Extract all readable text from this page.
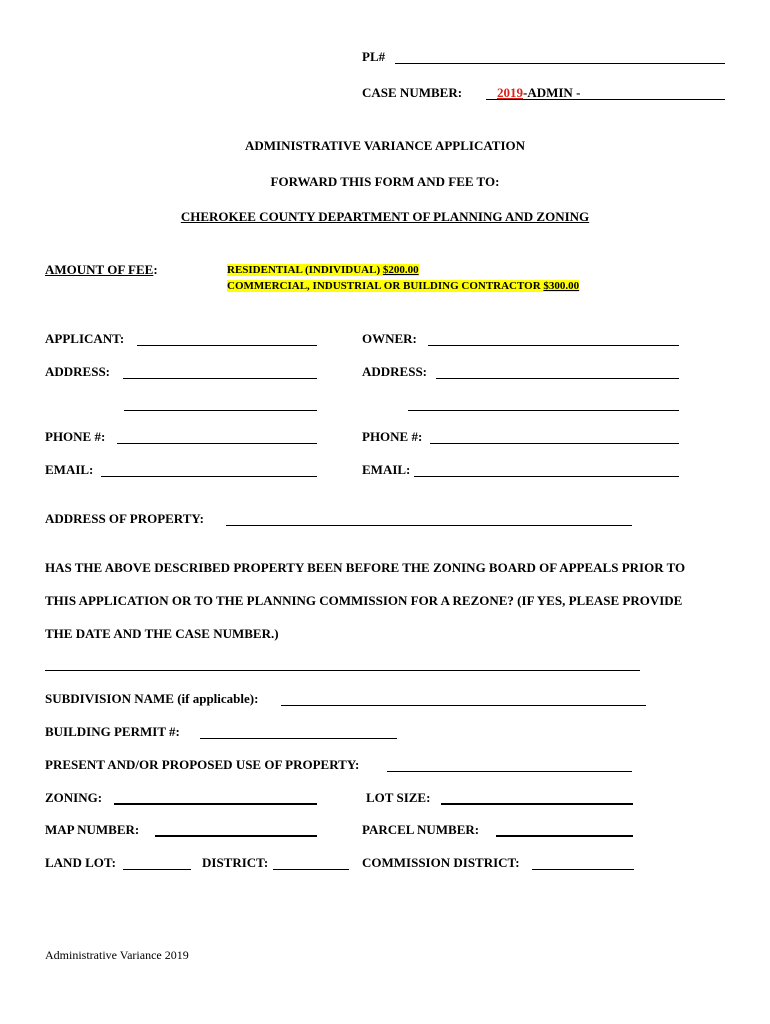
PL#
CASE NUMBER:	2019-ADMIN -
ADMINISTRATIVE VARIANCE APPLICATION
FORWARD THIS FORM AND FEE TO:
CHEROKEE COUNTY DEPARTMENT OF PLANNING AND ZONING
AMOUNT OF FEE:	RESIDENTIAL (INDIVIDUAL) $200.00
COMMERCIAL, INDUSTRIAL OR BUILDING CONTRACTOR $300.00
APPLICANT:	OWNER:
ADDRESS:	ADDRESS:
PHONE #:	PHONE #:
EMAIL:	EMAIL:
ADDRESS OF PROPERTY:
HAS THE ABOVE DESCRIBED PROPERTY BEEN BEFORE THE ZONING BOARD OF APPEALS PRIOR TO
THIS APPLICATION OR TO THE PLANNING COMMISSION FOR A REZONE? (IF YES, PLEASE PROVIDE
THE DATE AND THE CASE NUMBER.)
SUBDIVISION NAME (if applicable):
BUILDING PERMIT #:
PRESENT AND/OR PROPOSED USE OF PROPERTY:
ZONING:	LOT SIZE:
MAP NUMBER:	PARCEL NUMBER:
LAND LOT:	DISTRICT:	COMMISSION DISTRICT:
Administrative Variance 2019
